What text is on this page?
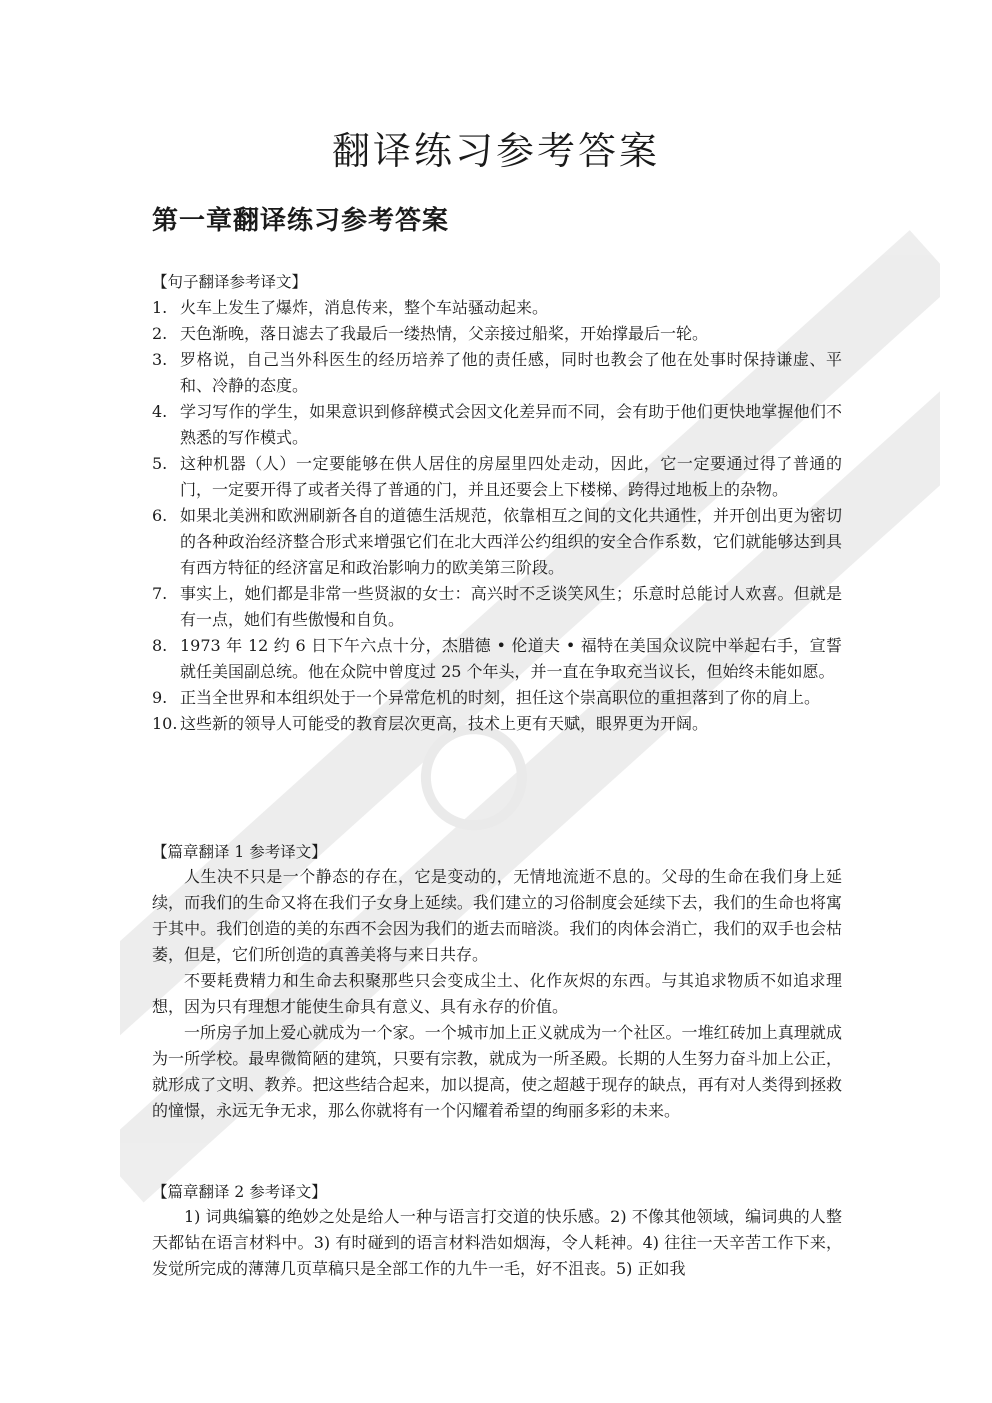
翻译练习参考答案
第一章翻译练习参考答案
【句子翻译参考译文】
1. 火车上发生了爆炸，消息传来，整个车站骚动起来。
2. 天色渐晚，落日滤去了我最后一缕热情，父亲接过船桨，开始撑最后一轮。
3. 罗格说，自己当外科医生的经历培养了他的责任感，同时也教会了他在处事时保持谦虚、平和、冷静的态度。
4. 学习写作的学生，如果意识到修辞模式会因文化差异而不同，会有助于他们更快地掌握他们不熟悉的写作模式。
5. 这种机器（人）一定要能够在供人居住的房屋里四处走动，因此，它一定要通过得了普通的门，一定要开得了或者关得了普通的门，并且还要会上下楼梯、跨得过地板上的杂物。
6. 如果北美洲和欧洲刷新各自的道德生活规范，依靠相互之间的文化共通性，并开创出更为密切的各种政治经济整合形式来增强它们在北大西洋公约组织的安全合作系数，它们就能够达到具有西方特征的经济富足和政治影响力的欧美第三阶段。
7. 事实上，她们都是非常一些贤淑的女士：高兴时不乏谈笑风生；乐意时总能讨人欢喜。但就是有一点，她们有些傲慢和自负。
8. 1973 年 12 约 6 日下午六点十分，杰腊德 • 伦道夫 • 福特在美国众议院中举起右手，宣誓就任美国副总统。他在众院中曾度过 25 个年头，并一直在争取充当议长，但始终未能如愿。
9. 正当全世界和本组织处于一个异常危机的时刻，担任这个崇高职位的重担落到了你的肩上。
10. 这些新的领导人可能受的教育层次更高，技术上更有天赋，眼界更为开阔。
【篇章翻译 1 参考译文】

人生决不只是一个静态的存在，它是变动的，无情地流逝不息的。父母的生命在我们身上延续，而我们的生命又将在我们子女身上延续。我们建立的习俗制度会延续下去，我们的生命也将寓于其中。我们创造的美的东西不会因为我们的逝去而暗淡。我们的肉体会消亡，我们的双手也会枯萎，但是，它们所创造的真善美将与来日共存。

不要耗费精力和生命去积聚那些只会变成尘土、化作灰烬的东西。与其追求物质不如追求理想，因为只有理想才能使生命具有意义、具有永存的价值。

一所房子加上爱心就成为一个家。一个城市加上正义就成为一个社区。一堆红砖加上真理就成为一所学校。最卑微简陋的建筑，只要有宗教，就成为一所圣殿。长期的人生努力奋斗加上公正，就形成了文明、教养。把这些结合起来，加以提高，使之超越于现存的缺点，再有对人类得到拯救的憧憬，永远无争无求，那么你就将有一个闪耀着希望的绚丽多彩的未来。

【篇章翻译 2 参考译文】

1) 词典编纂的绝妙之处是给人一种与语言打交道的快乐感。2) 不像其他领域，编词典的人整天都钻在语言材料中。3) 有时碰到的语言材料浩如烟海，令人耗神。4) 往往一天辛苦工作下来，发觉所完成的薄薄几页草稿只是全部工作的九牛一毛，好不沮丧。5) 正如我
